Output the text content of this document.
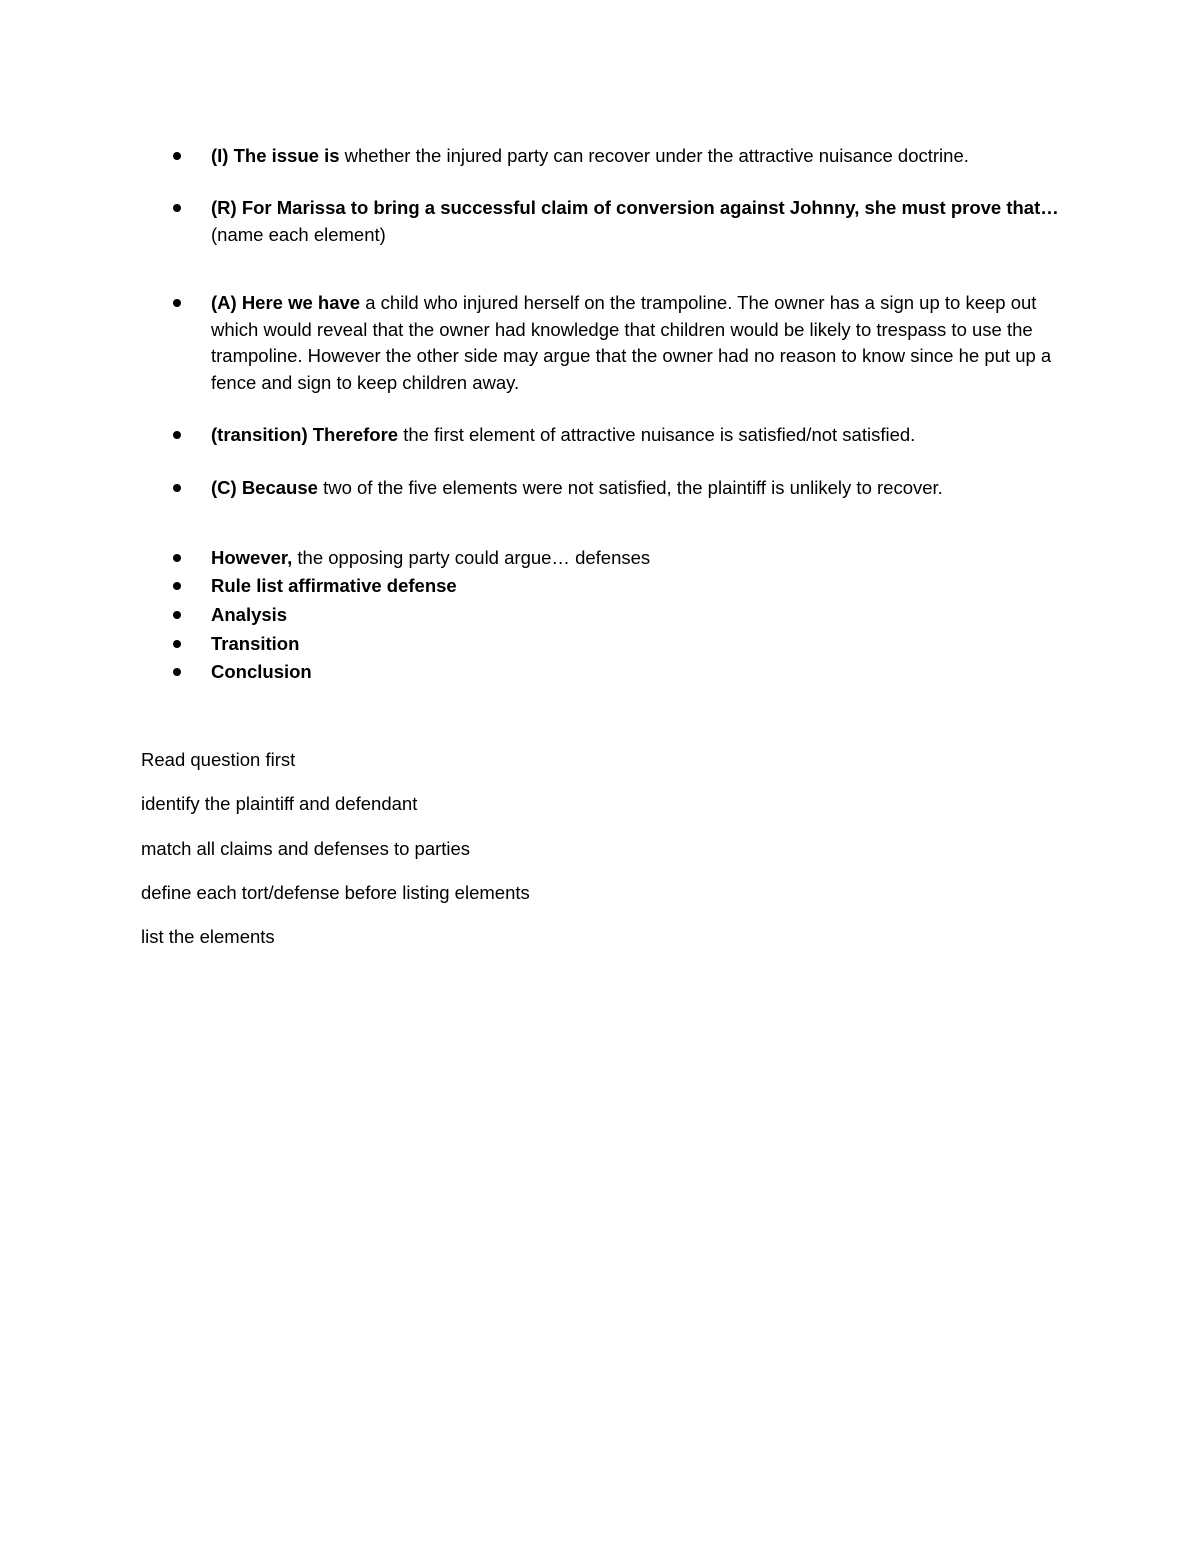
(I) The issue is whether the injured party can recover under the attractive nuisance doctrine.
(R) For Marissa to bring a successful claim of conversion against Johnny, she must prove that… (name each element)
(A) Here we have a child who injured herself on the trampoline. The owner has a sign up to keep out which would reveal that the owner had knowledge that children would be likely to trespass to use the trampoline. However the other side may argue that the owner had no reason to know since he put up a fence and sign to keep children away.
(transition) Therefore the first element of attractive nuisance is satisfied/not satisfied.
(C) Because two of the five elements were not satisfied, the plaintiff is unlikely to recover.
However, the opposing party could argue… defenses
Rule list affirmative defense
Analysis
Transition
Conclusion
Read question first
identify the plaintiff and defendant
match all claims and defenses to parties
define each tort/defense before listing elements
list the elements
